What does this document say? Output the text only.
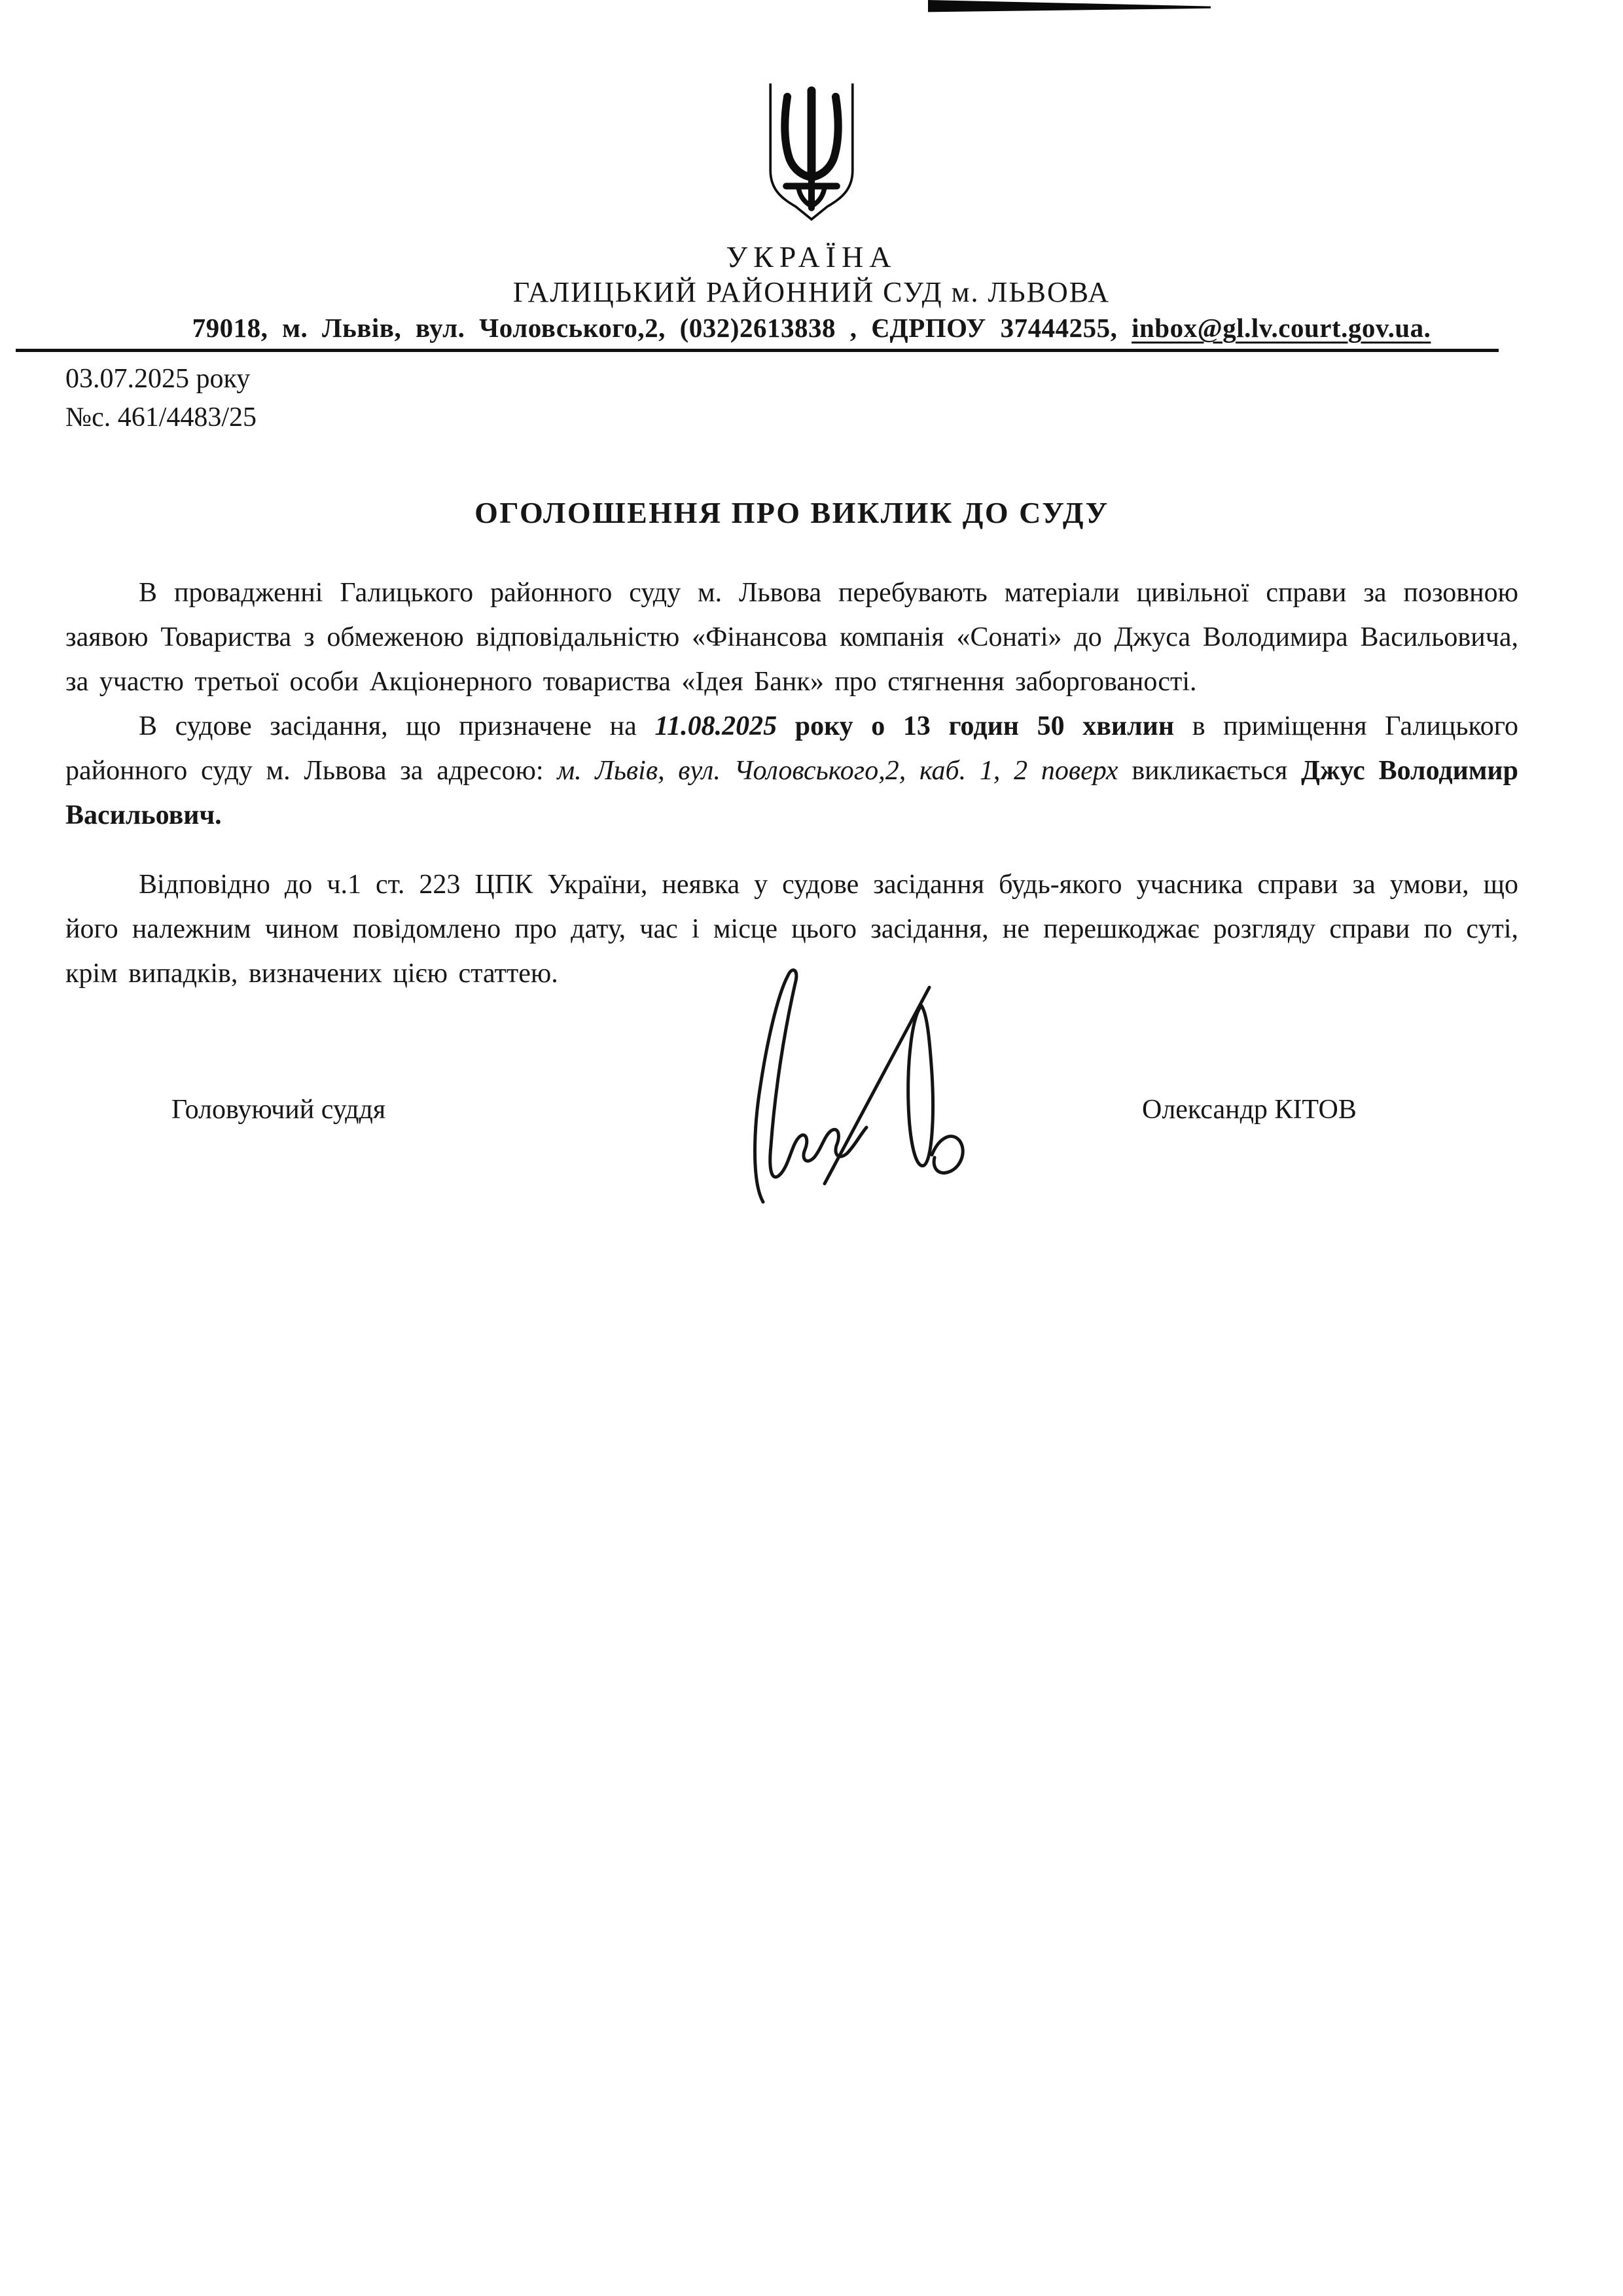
УКРАЇНА
ГАЛИЦЬКИЙ РАЙОННИЙ СУД м. ЛЬВОВА
79018, м. Львів, вул. Чоловського,2, (032)2613838 , ЄДРПОУ 37444255, inbox@gl.lv.court.gov.ua.
03.07.2025 року
№с. 461/4483/25
ОГОЛОШЕННЯ ПРО ВИКЛИК ДО СУДУ

В провадженні Галицького районного суду м. Львова перебувають матеріали цивільної справи за позовною заявою Товариства з обмеженою відповідальністю «Фінансова компанія «Сонаті» до Джуса Володимира Васильовича, за участю третьої особи Акціонерного товариства «Ідея Банк» про стягнення заборгованості.

В судове засідання, що призначене на 11.08.2025 року о 13 годин 50 хвилин в приміщення Галицького районного суду м. Львова за адресою: м. Львів, вул. Чоловського,2, каб. 1, 2 поверх викликається Джус Володимир Васильович.

Відповідно до ч.1 ст. 223 ЦПК України, неявка у судове засідання будь-якого учасника справи за умови, що його належним чином повідомлено про дату, час і місце цього засідання, не перешкоджає розгляду справи по суті, крім випадків, визначених цією статтею.

Головуючий суддя	Олександр КІТОВ
